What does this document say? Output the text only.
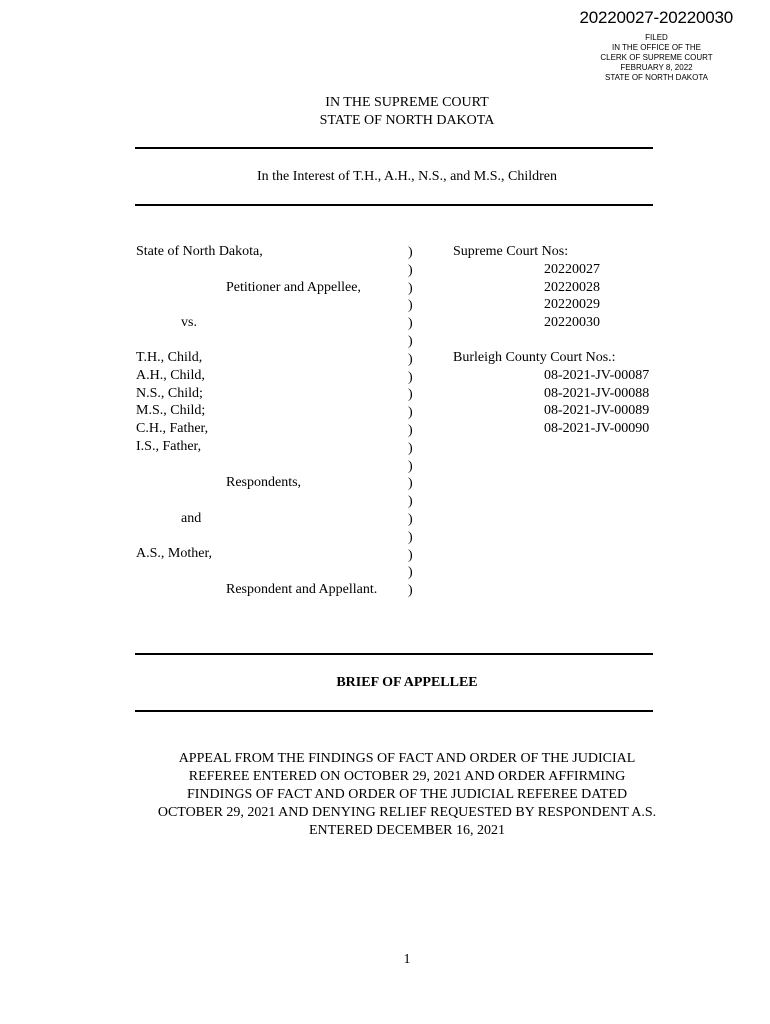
20220027-20220030
FILED
IN THE OFFICE OF THE
CLERK OF SUPREME COURT
FEBRUARY 8, 2022
STATE OF NORTH DAKOTA
IN THE SUPREME COURT
STATE OF NORTH DAKOTA
In the Interest of T.H., A.H., N.S., and M.S., Children
State of North Dakota,
Petitioner and Appellee,
vs.
T.H., Child,
A.H., Child,
N.S., Child;
M.S., Child;
C.H., Father,
I.S., Father,
Respondents,
and
A.S., Mother,
Respondent and Appellant.
)
)
)
)
)
)
)
)
)
)
)
)
)
)
)
)
)
)
)
)
Supreme Court Nos:
20220027
20220028
20220029
20220030
Burleigh County Court Nos.:
08-2021-JV-00087
08-2021-JV-00088
08-2021-JV-00089
08-2021-JV-00090
BRIEF OF APPELLEE
APPEAL FROM THE FINDINGS OF FACT AND ORDER OF THE JUDICIAL
REFEREE ENTERED ON OCTOBER 29, 2021 AND ORDER AFFIRMING
FINDINGS OF FACT AND ORDER OF THE JUDICIAL REFEREE DATED
OCTOBER 29, 2021 AND DENYING RELIEF REQUESTED BY RESPONDENT A.S.
ENTERED DECEMBER 16, 2021
1
